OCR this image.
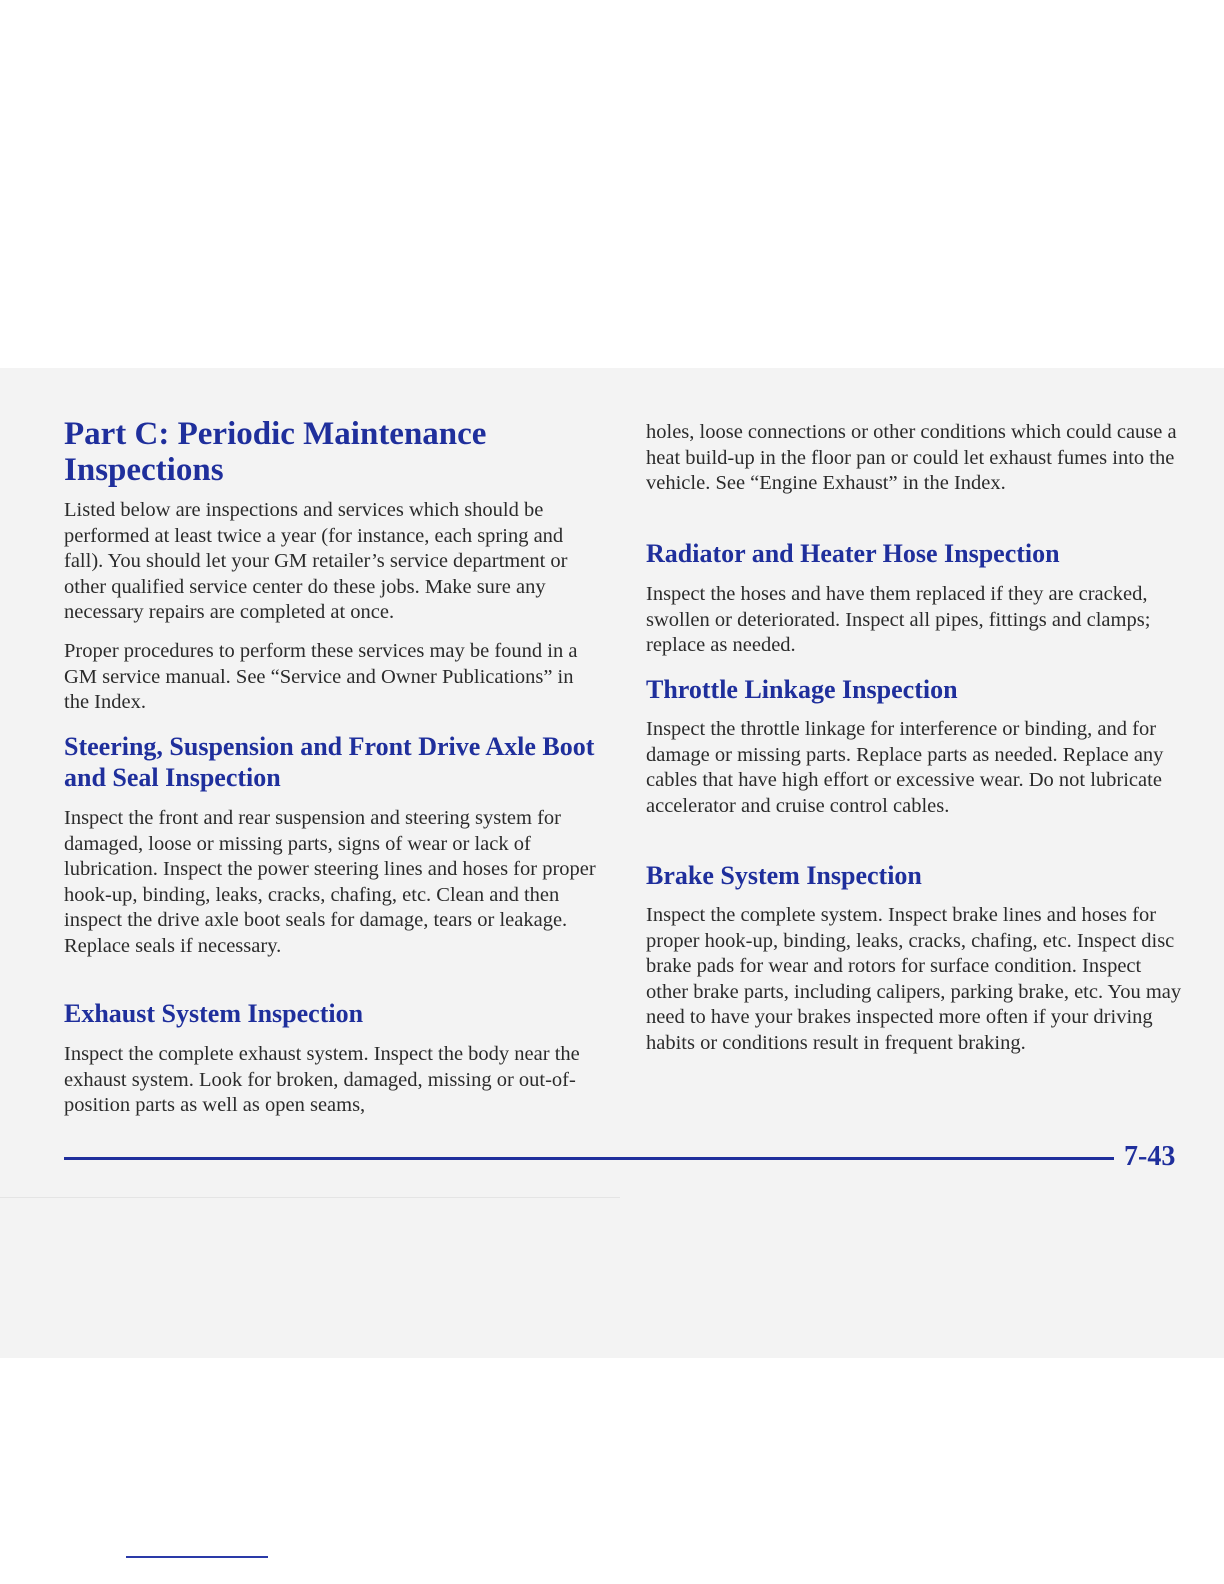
Part C: Periodic Maintenance Inspections

Listed below are inspections and services which should be performed at least twice a year (for instance, each spring and fall). You should let your GM retailer’s service department or other qualified service center do these jobs. Make sure any necessary repairs are completed at once.

Proper procedures to perform these services may be found in a GM service manual. See “Service and Owner Publications” in the Index.

Steering, Suspension and Front Drive Axle Boot and Seal Inspection

Inspect the front and rear suspension and steering system for damaged, loose or missing parts, signs of wear or lack of lubrication. Inspect the power steering lines and hoses for proper hook-up, binding, leaks, cracks, chafing, etc. Clean and then inspect the drive axle boot seals for damage, tears or leakage. Replace seals if necessary.

Exhaust System Inspection

Inspect the complete exhaust system. Inspect the body near the exhaust system. Look for broken, damaged, missing or out-of-position parts as well as open seams,

holes, loose connections or other conditions which could cause a heat build-up in the floor pan or could let exhaust fumes into the vehicle. See “Engine Exhaust” in the Index.

Radiator and Heater Hose Inspection

Inspect the hoses and have them replaced if they are cracked, swollen or deteriorated. Inspect all pipes, fittings and clamps; replace as needed.

Throttle Linkage Inspection

Inspect the throttle linkage for interference or binding, and for damage or missing parts. Replace parts as needed. Replace any cables that have high effort or excessive wear. Do not lubricate accelerator and cruise control cables.

Brake System Inspection

Inspect the complete system. Inspect brake lines and hoses for proper hook-up, binding, leaks, cracks, chafing, etc. Inspect disc brake pads for wear and rotors for surface condition. Inspect other brake parts, including calipers, parking brake, etc. You may need to have your brakes inspected more often if your driving habits or conditions result in frequent braking.

7-43
